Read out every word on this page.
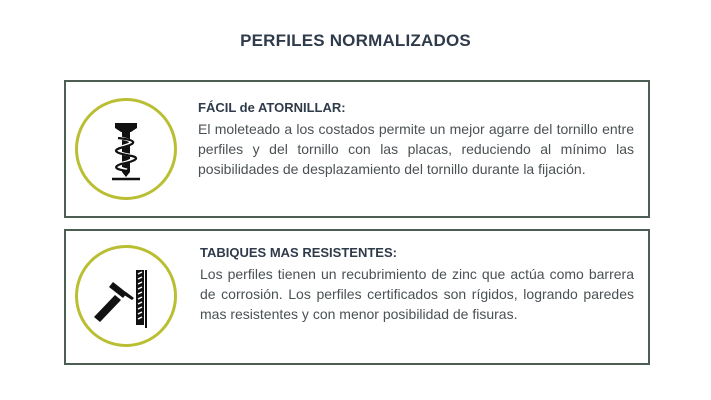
PERFILES NORMALIZADOS
FÁCIL de ATORNILLAR:
El moleteado a los costados permite un mejor agarre del tornillo entre perfiles y del tornillo con las placas, reduciendo al mínimo las posibilidades de desplazamiento del tornillo durante la fijación.
TABIQUES MAS RESISTENTES:
Los perfiles tienen un recubrimiento de zinc que actúa como barrera de corrosión. Los perfiles certificados son rígidos, logrando paredes mas resistentes y con menor posibilidad de fisuras.
